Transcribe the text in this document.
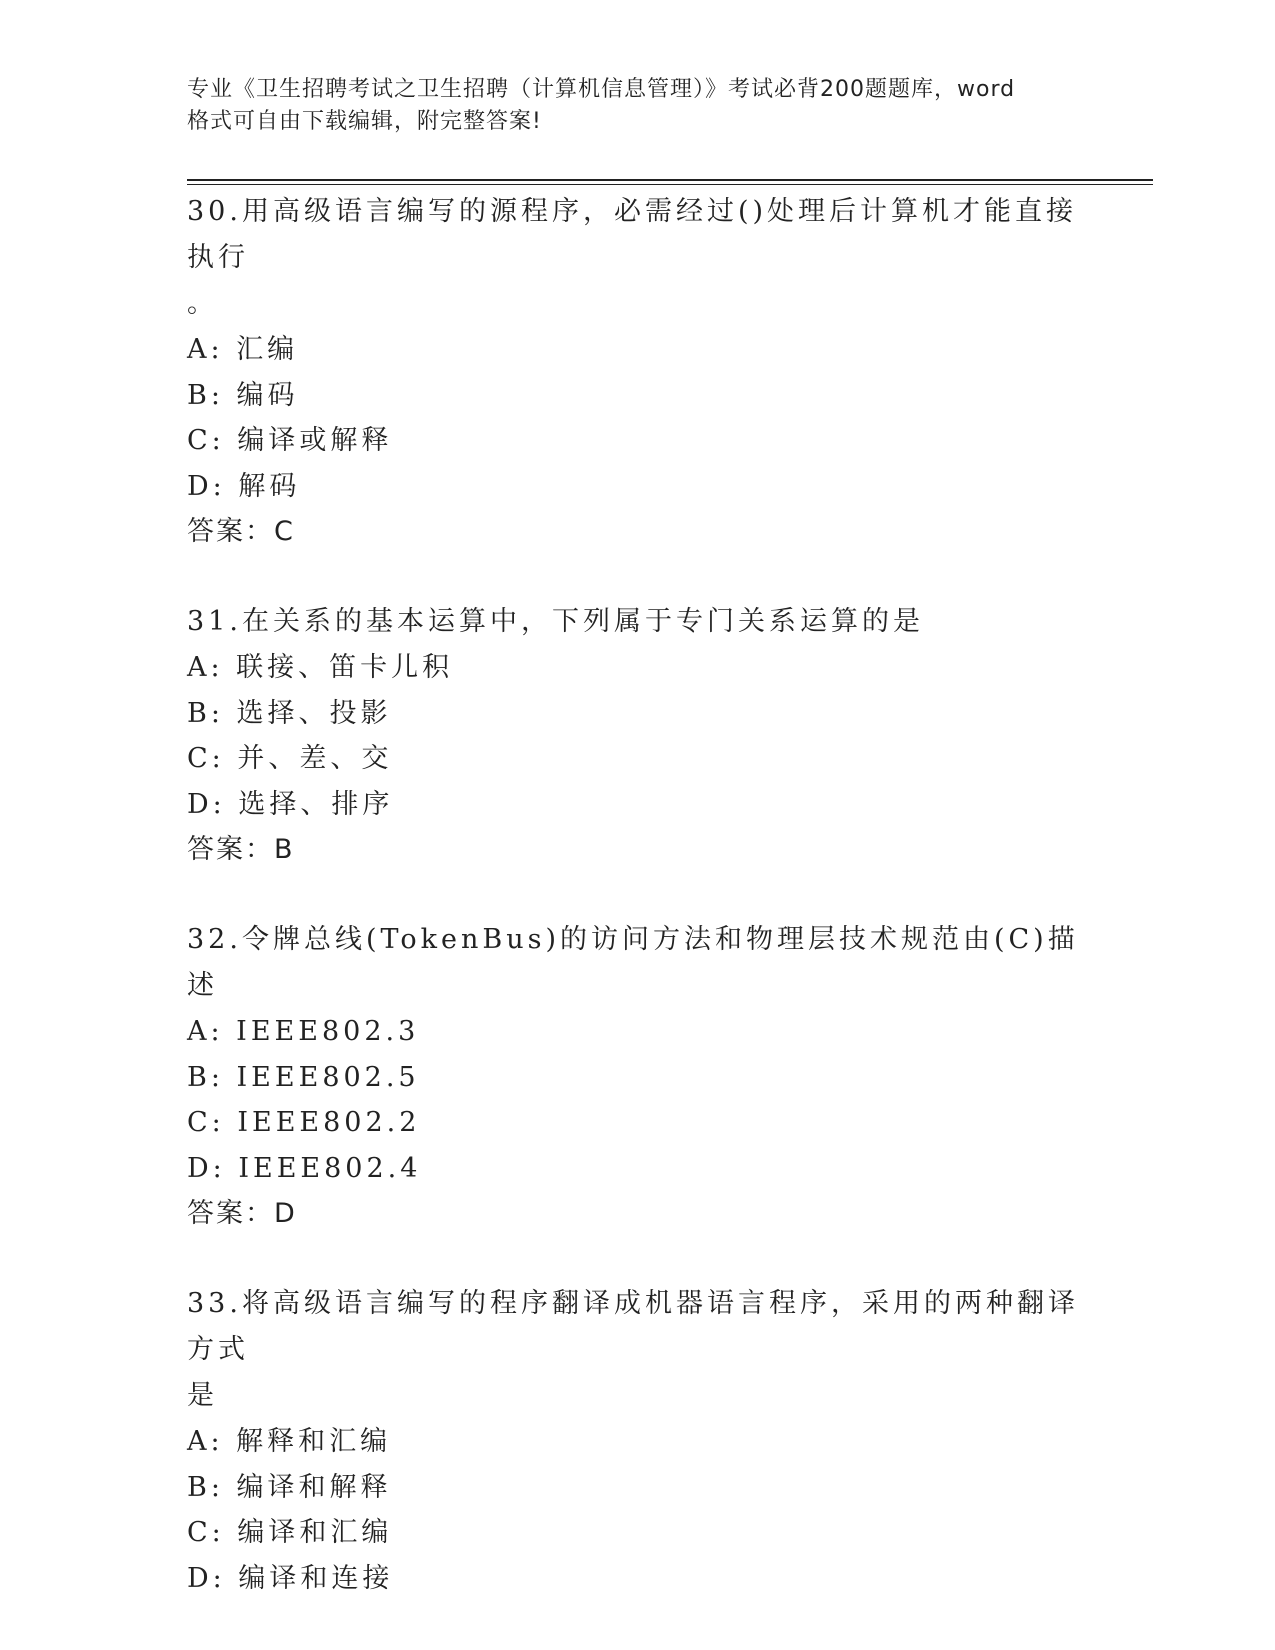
专业《卫生招聘考试之卫生招聘（计算机信息管理）》考试必背200题题库，word
格式可自由下载编辑，附完整答案!

30.用高级语言编写的源程序，必需经过()处理后计算机才能直接执行

。

A: 汇编

B: 编码

C: 编译或解释

D: 解码

答案：C

31.在关系的基本运算中，下列属于专门关系运算的是

A: 联接、笛卡儿积

B: 选择、投影

C: 并、差、交

D: 选择、排序

答案：B

32.令牌总线(TokenBus)的访问方法和物理层技术规范由(C)描述

A: IEEE802.3

B: IEEE802.5

C: IEEE802.2

D: IEEE802.4

答案：D

33.将高级语言编写的程序翻译成机器语言程序，采用的两种翻译方式

是

A: 解释和汇编

B: 编译和解释

C: 编译和汇编

D: 编译和连接
